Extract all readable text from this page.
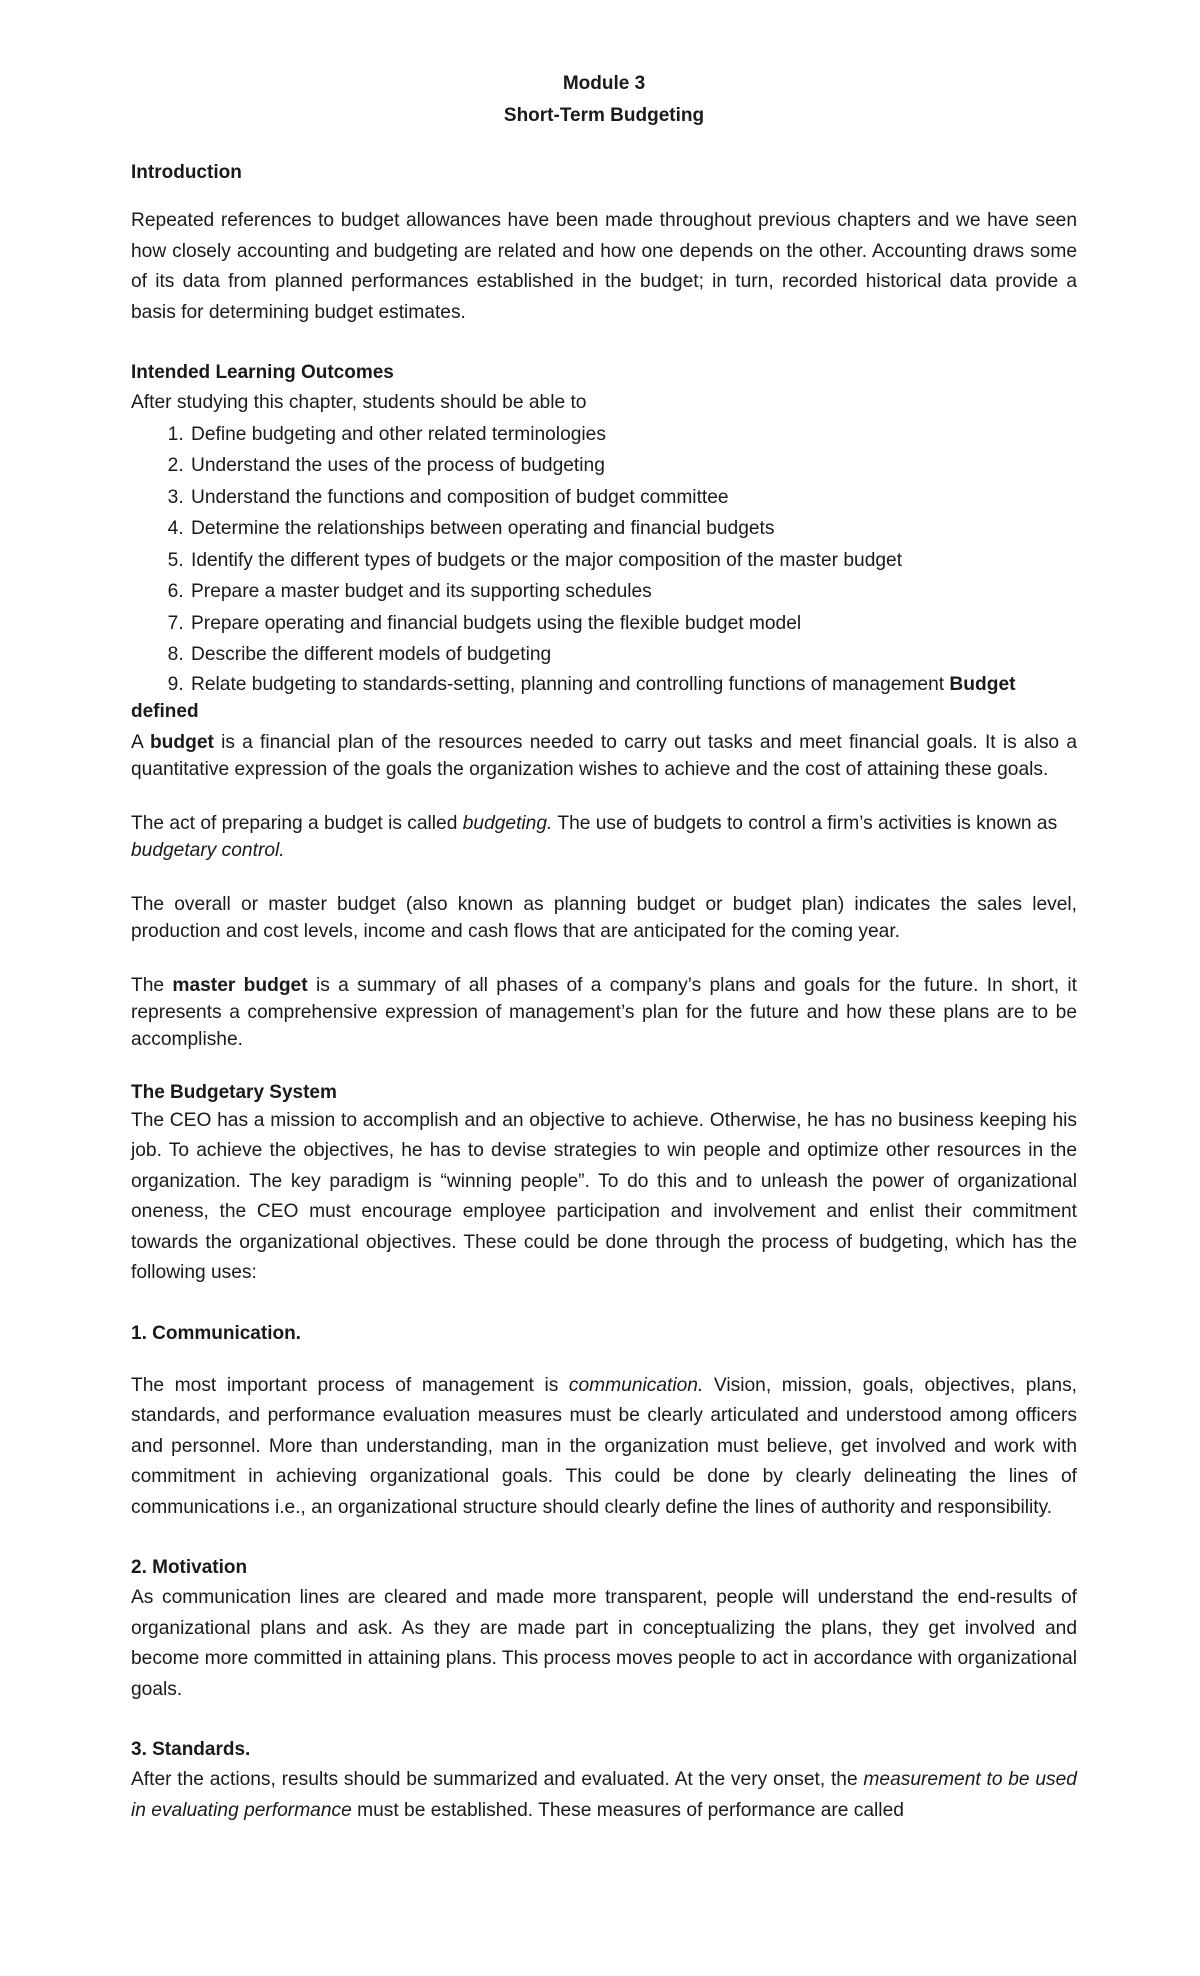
Module 3
Short-Term Budgeting
Introduction

Repeated references to budget allowances have been made throughout previous chapters and we have seen how closely accounting and budgeting are related and how one depends on the other. Accounting draws some of its data from planned performances established in the budget; in turn, recorded historical data provide a basis for determining budget estimates.

Intended Learning Outcomes

After studying this chapter, students should be able to

1. Define budgeting and other related terminologies
2. Understand the uses of the process of budgeting
3. Understand the functions and composition of budget committee
4. Determine the relationships between operating and financial budgets
5. Identify the different types of budgets or the major composition of the master budget
6. Prepare a master budget and its supporting schedules
7. Prepare operating and financial budgets using the flexible budget model
8. Describe the different models of budgeting
9. Relate budgeting to standards-setting, planning and controlling functions of management Budget
defined

A budget is a financial plan of the resources needed to carry out tasks and meet financial goals. It is also a quantitative expression of the goals the organization wishes to achieve and the cost of attaining these goals.

The act of preparing a budget is called budgeting. The use of budgets to control a firm’s activities is known as budgetary control.

The overall or master budget (also known as planning budget or budget plan) indicates the sales level, production and cost levels, income and cash flows that are anticipated for the coming year.

The master budget is a summary of all phases of a company’s plans and goals for the future. In short, it represents a comprehensive expression of management’s plan for the future and how these plans are to be accomplishe.

The Budgetary System

The CEO has a mission to accomplish and an objective to achieve. Otherwise, he has no business keeping his job. To achieve the objectives, he has to devise strategies to win people and optimize other resources in the organization. The key paradigm is “winning people”. To do this and to unleash the power of organizational oneness, the CEO must encourage employee participation and involvement and enlist their commitment towards the organizational objectives. These could be done through the process of budgeting, which has the following uses:

1. Communication.

The most important process of management is communication. Vision, mission, goals, objectives, plans, standards, and performance evaluation measures must be clearly articulated and understood among officers and personnel. More than understanding, man in the organization must believe, get involved and work with commitment in achieving organizational goals. This could be done by clearly delineating the lines of communications i.e., an organizational structure should clearly define the lines of authority and responsibility.

2. Motivation

As communication lines are cleared and made more transparent, people will understand the end-results of organizational plans and ask. As they are made part in conceptualizing the plans, they get involved and become more committed in attaining plans. This process moves people to act in accordance with organizational goals.

3. Standards.

After the actions, results should be summarized and evaluated. At the very onset, the measurement to be used in evaluating performance must be established. These measures of performance are called
